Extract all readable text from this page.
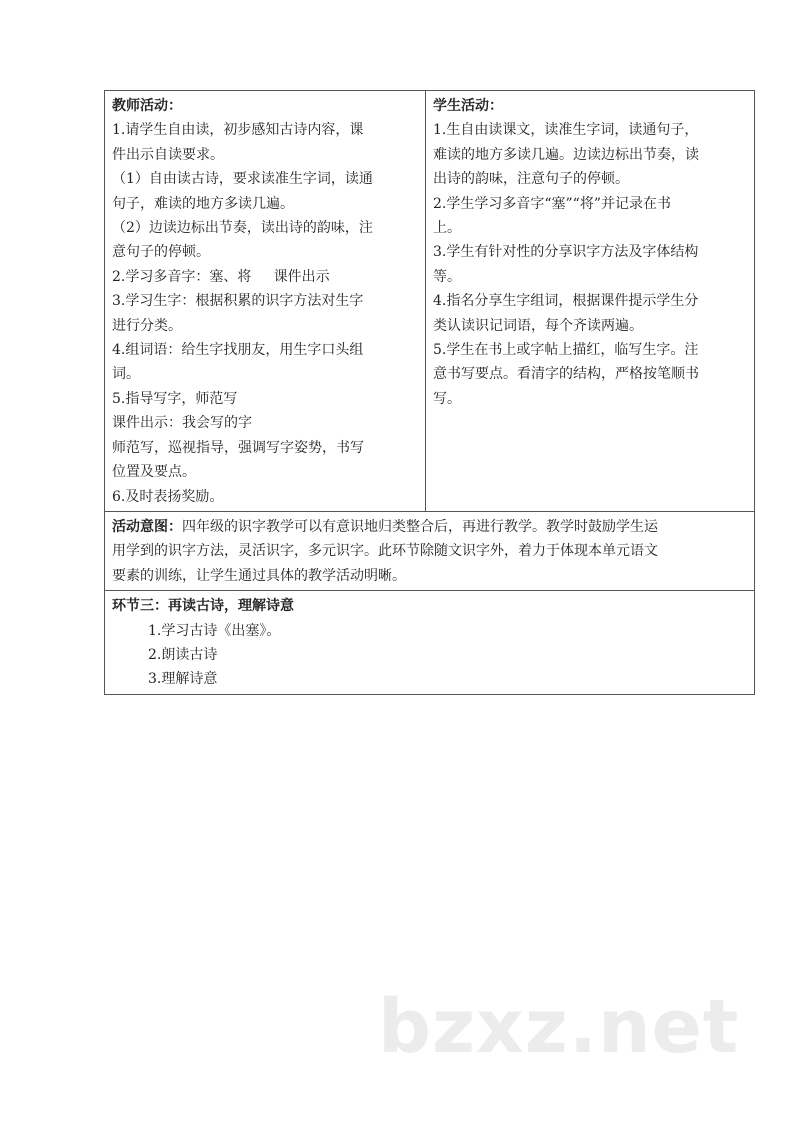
教师活动：
1.请学生自由读，初步感知古诗内容，课
件出示自读要求。
（1）自由读古诗，要求读准生字词，读通
句子，难读的地方多读几遍。
（2）边读边标出节奏，读出诗的韵味，注
意句子的停顿。
2.学习多音字：塞、将     课件出示
3.学习生字：根据积累的识字方法对生字
进行分类。
4.组词语：给生字找朋友，用生字口头组
词。
5.指导写字，师范写
课件出示：我会写的字
师范写，巡视指导，强调写字姿势，书写
位置及要点。
6.及时表扬奖励。
学生活动：
1.生自由读课文，读准生字词，读通句子，
难读的地方多读几遍。边读边标出节奏，读
出诗的韵味，注意句子的停顿。
2.学生学习多音字“塞”“将”并记录在书
上。
3.学生有针对性的分享识字方法及字体结构
等。
4.指名分享生字组词，根据课件提示学生分
类认读识记词语，每个齐读两遍。
5.学生在书上或字帖上描红，临写生字。注
意书写要点。看清字的结构，严格按笔顺书
写。
活动意图：四年级的识字教学可以有意识地归类整合后，再进行教学。教学时鼓励学生运
用学到的识字方法，灵活识字，多元识字。此环节除随文识字外，着力于体现本单元语文
要素的训练，让学生通过具体的教学活动明晰。
环节三：再读古诗，理解诗意
1.学习古诗《出塞》。
2.朗读古诗
3.理解诗意
bzxz.net
